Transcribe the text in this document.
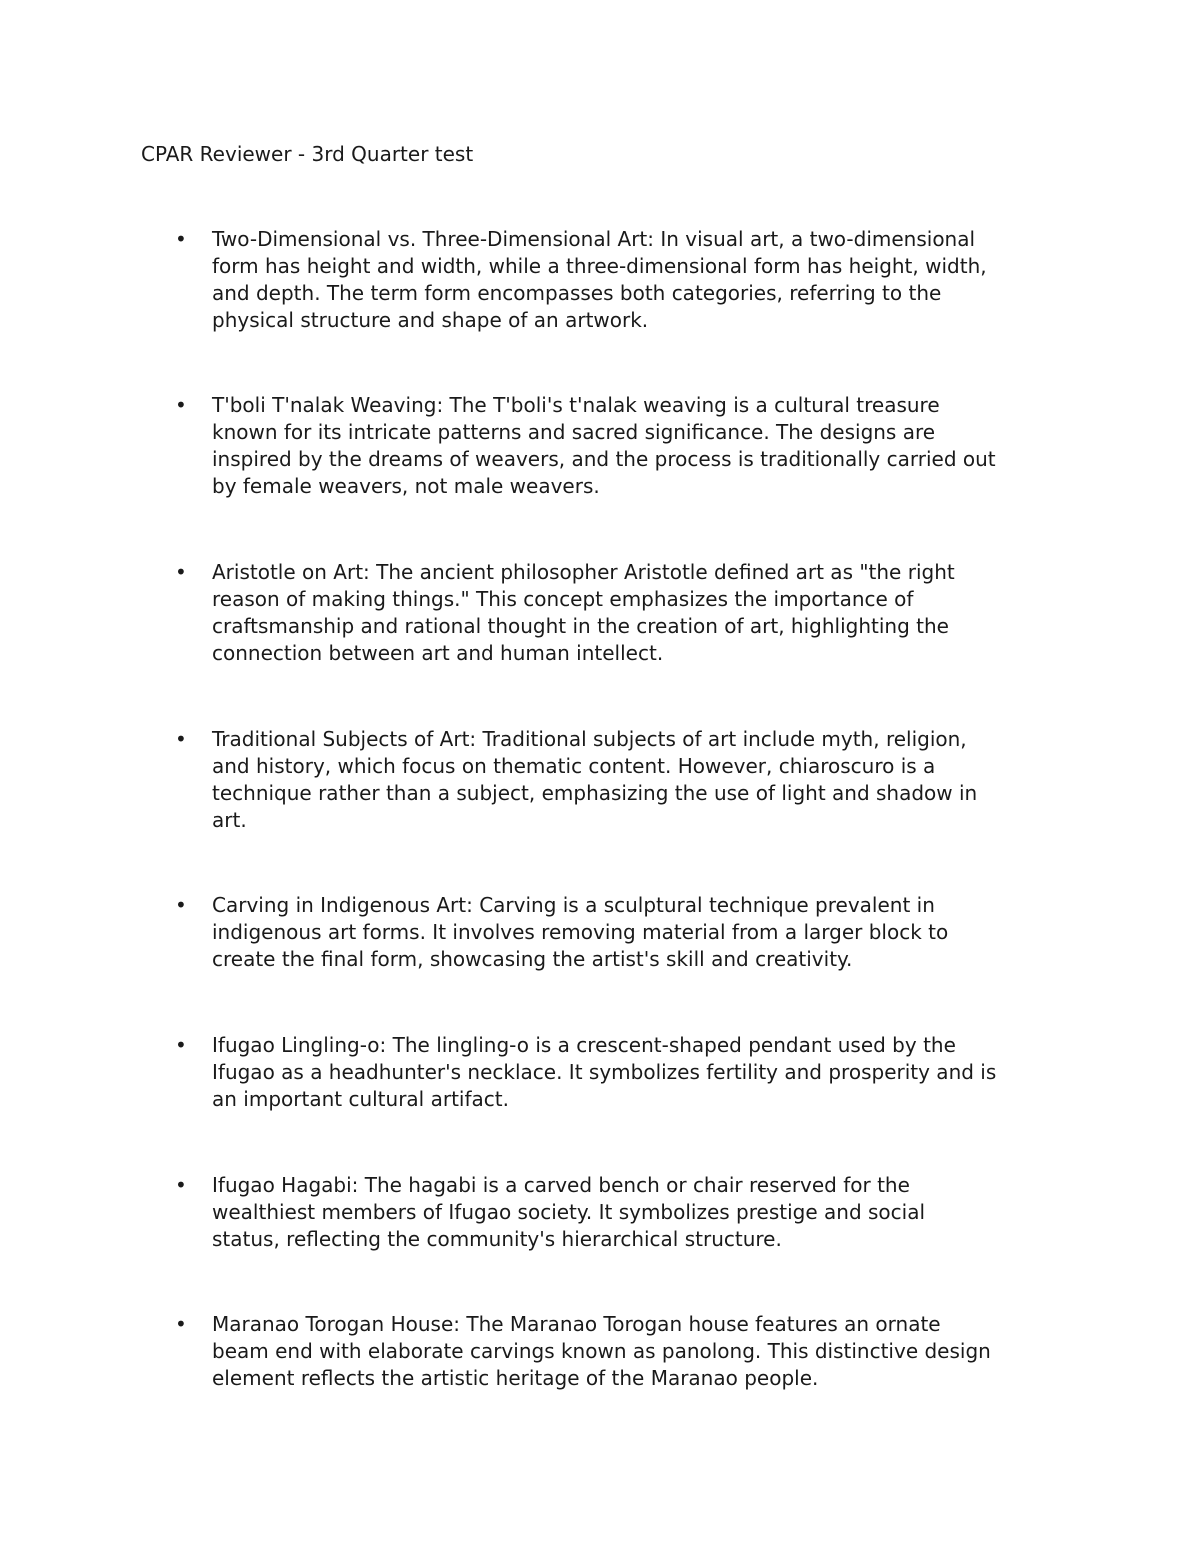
CPAR Reviewer - 3rd Quarter test
• Two-Dimensional vs. Three-Dimensional Art: In visual art, a two-dimensional
form has height and width, while a three-dimensional form has height, width,
and depth. The term form encompasses both categories, referring to the
physical structure and shape of an artwork.

• T'boli T'nalak Weaving: The T'boli's t'nalak weaving is a cultural treasure
known for its intricate patterns and sacred significance. The designs are
inspired by the dreams of weavers, and the process is traditionally carried out
by female weavers, not male weavers.

• Aristotle on Art: The ancient philosopher Aristotle defined art as "the right
reason of making things." This concept emphasizes the importance of
craftsmanship and rational thought in the creation of art, highlighting the
connection between art and human intellect.

• Traditional Subjects of Art: Traditional subjects of art include myth, religion,
and history, which focus on thematic content. However, chiaroscuro is a
technique rather than a subject, emphasizing the use of light and shadow in
art.

• Carving in Indigenous Art: Carving is a sculptural technique prevalent in
indigenous art forms. It involves removing material from a larger block to
create the final form, showcasing the artist's skill and creativity.

• Ifugao Lingling-o: The lingling-o is a crescent-shaped pendant used by the
Ifugao as a headhunter's necklace. It symbolizes fertility and prosperity and is
an important cultural artifact.

• Ifugao Hagabi: The hagabi is a carved bench or chair reserved for the
wealthiest members of Ifugao society. It symbolizes prestige and social
status, reflecting the community's hierarchical structure.

• Maranao Torogan House: The Maranao Torogan house features an ornate
beam end with elaborate carvings known as panolong. This distinctive design
element reflects the artistic heritage of the Maranao people.
